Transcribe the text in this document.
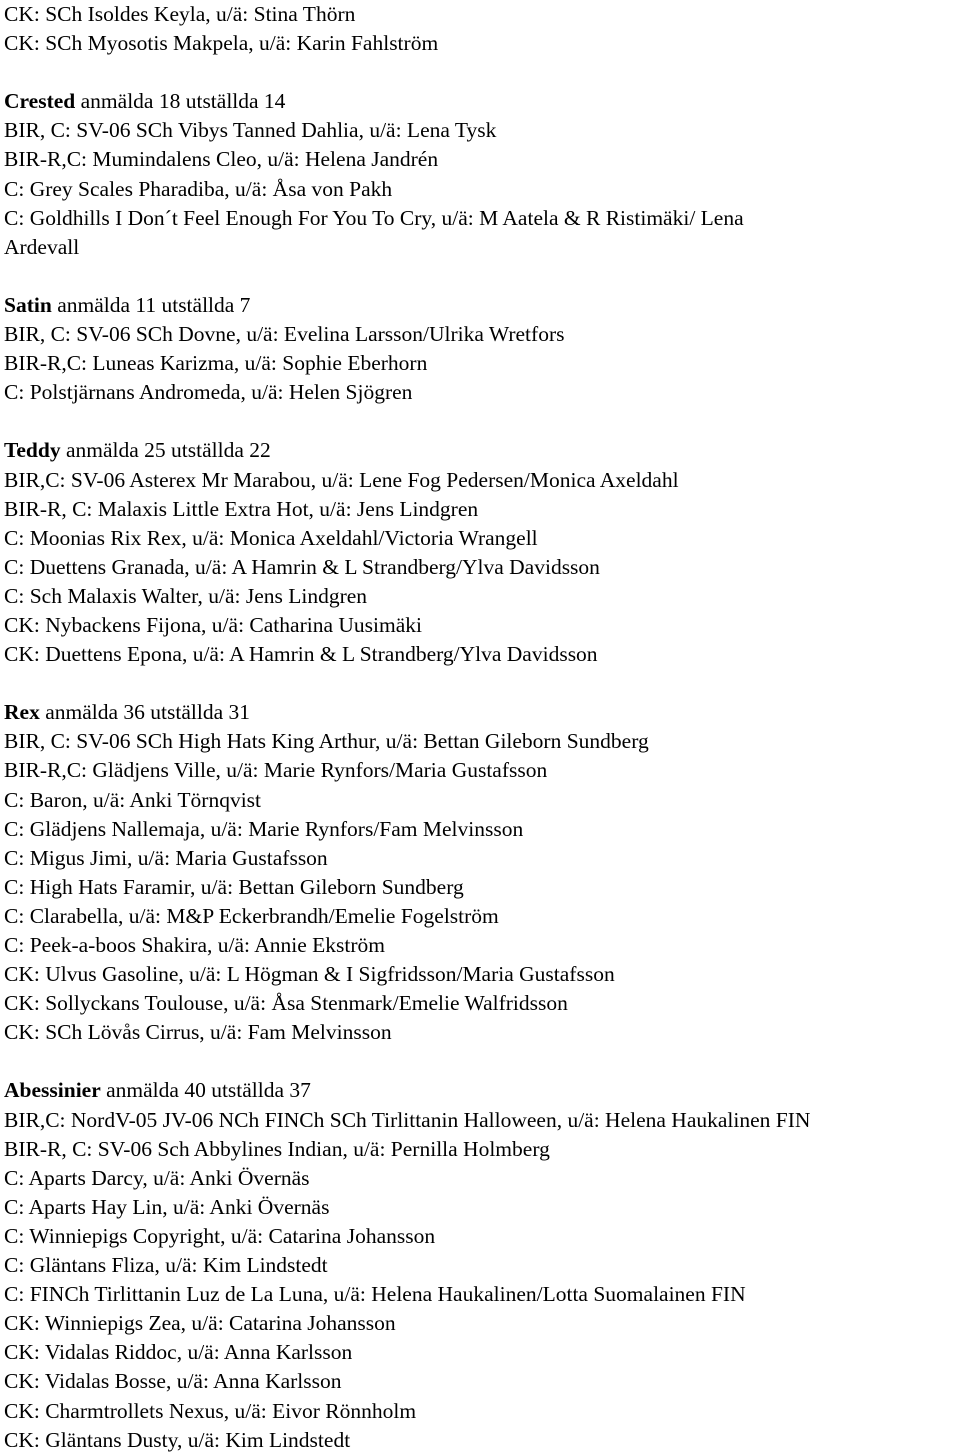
CK: SCh Isoldes Keyla, u/ä: Stina Thörn
CK: SCh Myosotis Makpela, u/ä: Karin Fahlström
Crested anmälda 18 utställda 14
BIR, C: SV-06 SCh Vibys Tanned Dahlia, u/ä: Lena Tysk
BIR-R,C: Mumindalens Cleo, u/ä: Helena Jandrén
C: Grey Scales Pharadiba, u/ä: Åsa von Pakh
C: Goldhills I Don´t Feel Enough For You To Cry, u/ä: M Aatela & R Ristimäki/ Lena
Ardevall
Satin anmälda 11 utställda 7
BIR, C: SV-06 SCh Dovne, u/ä: Evelina Larsson/Ulrika Wretfors
BIR-R,C: Luneas Karizma, u/ä: Sophie Eberhorn
C: Polstjärnans Andromeda, u/ä: Helen Sjögren
Teddy anmälda 25 utställda 22
BIR,C: SV-06 Asterex Mr Marabou, u/ä: Lene Fog Pedersen/Monica Axeldahl
BIR-R, C: Malaxis Little Extra Hot, u/ä: Jens Lindgren
C: Moonias Rix Rex, u/ä: Monica Axeldahl/Victoria Wrangell
C: Duettens Granada, u/ä: A Hamrin & L Strandberg/Ylva Davidsson
C: Sch Malaxis Walter, u/ä: Jens Lindgren
CK: Nybackens Fijona, u/ä: Catharina Uusimäki
CK: Duettens Epona, u/ä: A Hamrin & L Strandberg/Ylva Davidsson
Rex anmälda 36 utställda 31
BIR, C: SV-06 SCh High Hats King Arthur, u/ä: Bettan Gileborn Sundberg
BIR-R,C: Glädjens Ville, u/ä: Marie Rynfors/Maria Gustafsson
C: Baron, u/ä: Anki Törnqvist
C: Glädjens Nallemaja, u/ä: Marie Rynfors/Fam Melvinsson
C: Migus Jimi, u/ä: Maria Gustafsson
C: High Hats Faramir, u/ä: Bettan Gileborn Sundberg
C: Clarabella, u/ä: M&P Eckerbrandh/Emelie Fogelström
C: Peek-a-boos Shakira, u/ä: Annie Ekström
CK: Ulvus Gasoline, u/ä: L Högman & I Sigfridsson/Maria Gustafsson
CK: Sollyckans Toulouse, u/ä: Åsa Stenmark/Emelie Walfridsson
CK: SCh Lövås Cirrus, u/ä: Fam Melvinsson
Abessinier anmälda 40 utställda 37
BIR,C: NordV-05 JV-06 NCh FINCh SCh Tirlittanin Halloween, u/ä: Helena Haukalinen FIN
BIR-R, C: SV-06 Sch Abbylines Indian, u/ä: Pernilla Holmberg
C: Aparts Darcy, u/ä: Anki Övernäs
C: Aparts Hay Lin, u/ä: Anki Övernäs
C: Winniepigs Copyright, u/ä: Catarina Johansson
C: Gläntans Fliza, u/ä: Kim Lindstedt
C: FINCh Tirlittanin Luz de La Luna, u/ä: Helena Haukalinen/Lotta Suomalainen FIN
CK: Winniepigs Zea, u/ä: Catarina Johansson
CK: Vidalas Riddoc, u/ä: Anna Karlsson
CK: Vidalas Bosse, u/ä: Anna Karlsson
CK: Charmtrollets Nexus, u/ä: Eivor Rönnholm
CK: Gläntans Dusty, u/ä: Kim Lindstedt
